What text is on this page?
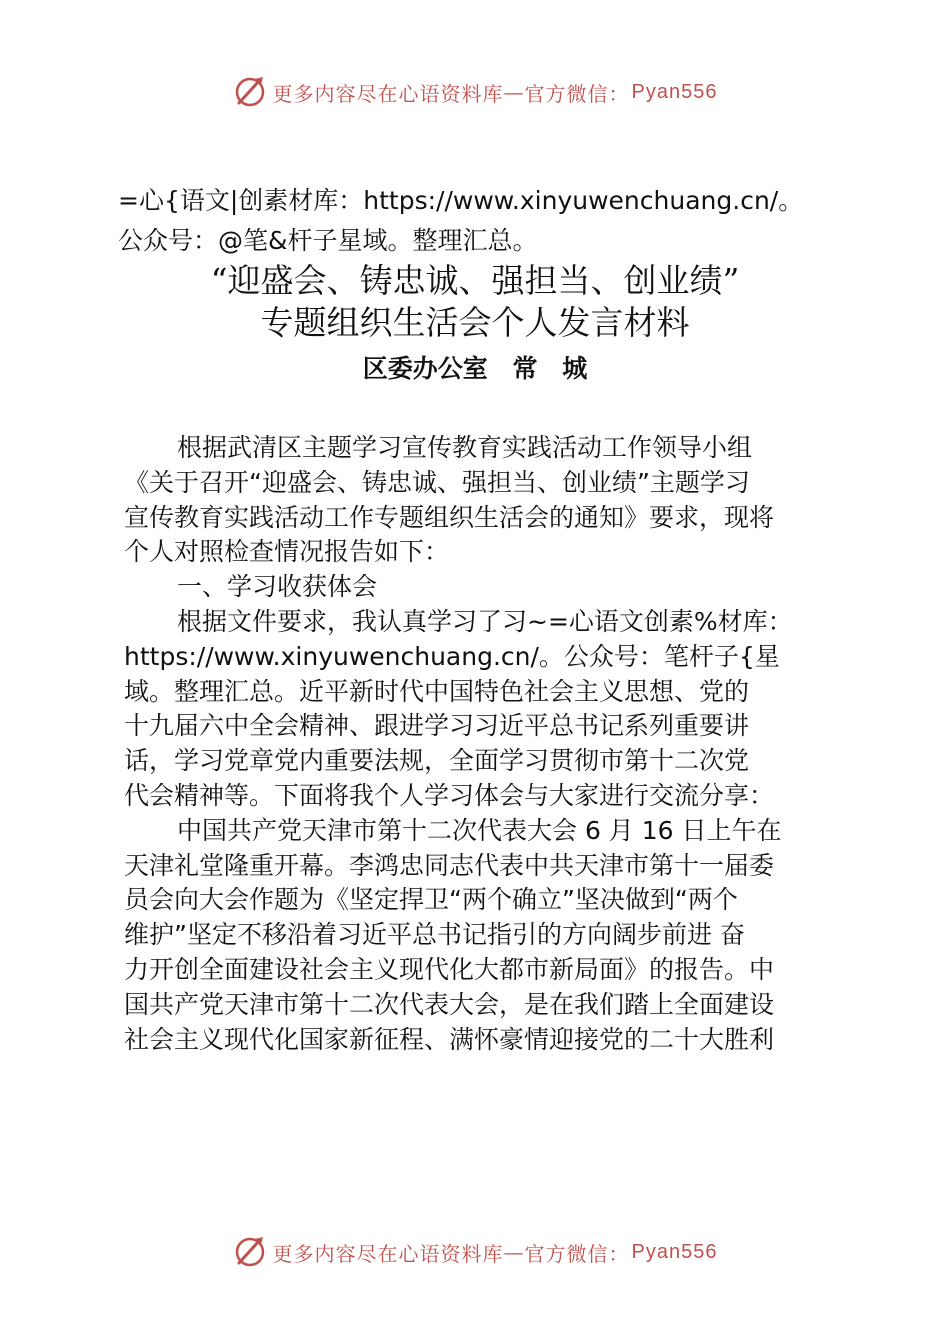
更多内容尽在心语资料库 — 官方微信： Pyan556
=心{语文|创素材库：https://www.xinyuwenchuang.cn/。
公众号：@笔&杆子星域。整理汇总。
“迎盛会、铸忠诚、强担当、创业绩”
专题组织生活会个人发言材料
区委办公室 常 城
根据武清区主题学习宣传教育实践活动工作领导小组
《关于召开“迎盛会、铸忠诚、强担当、创业绩”主题学习
宣传教育实践活动工作专题组织生活会的通知》要求，现将
个人对照检查情况报告如下：
一、学习收获体会
根据文件要求，我认真学习了习~=心语文创素%材库：
https://www.xinyuwenchuang.cn/。公众号：笔杆子{星
域。整理汇总。近平新时代中国特色社会主义思想、党的
十九届六中全会精神、跟进学习习近平总书记系列重要讲
话，学习党章党内重要法规，全面学习贯彻市第十二次党
代会精神等。下面将我个人学习体会与大家进行交流分享：
中国共产党天津市第十二次代表大会 6 月 16 日上午在
天津礼堂隆重开幕。李鸿忠同志代表中共天津市第十一届委
员会向大会作题为《坚定捍卫“两个确立”坚决做到“两个
维护”坚定不移沿着习近平总书记指引的方向阔步前进 奋
力开创全面建设社会主义现代化大都市新局面》的报告。中
国共产党天津市第十二次代表大会，是在我们踏上全面建设
社会主义现代化国家新征程、满怀豪情迎接党的二十大胜利
更多内容尽在心语资料库 — 官方微信： Pyan556
